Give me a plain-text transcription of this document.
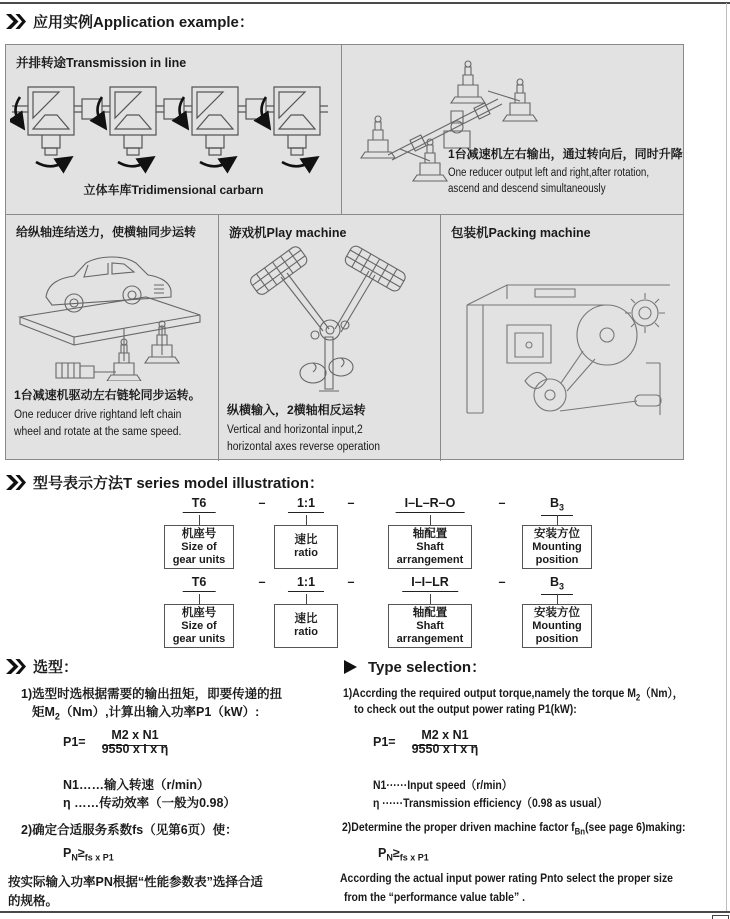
应用实例Application example：
并排转途Transmission in line
立体车库Tridimensional carbarn
1台减速机左右输出，通过转向后，同时升降
One reducer output left and right,after rotation,
ascend and descend simultaneously
给纵轴连结送力，使横轴同步运转
1台减速机驱动左右链轮同步运转。
One reducer drive rightand left chain
wheel and rotate at the same speed.
游戏机Play machine
纵横输入，2横轴相反运转
Vertical and horizontal input,2
horizontal axes reverse operation
包装机Packing machine
型号表示方法T series model illustration：
T6	–	1:1	–	I–L–R–O	–	$B_3$
机座号
Size of
gear units
速比
ratio
轴配置
Shaft
arrangement
安装方位
Mounting
position
T6	–	1:1	–	I–I–LR	–	$B_3$
机座号
Size of
gear units
速比
ratio
轴配置
Shaft
arrangement
安装方位
Mounting
position
选型：
1)选型时选根据需要的输出扭矩，即要传递的扭
矩$M_2(Nm)$,计算出输入功率P1（kW）:
P1=	M2 x N1
9550 x I x η
N1……输入转速（r/min）
η ……传动效率（一般为0.98）
2)确定合适服务系数fs（见第6页）使：
$P_N\ge_{fs x P1}$
按实际输入功率PN根据“性能参数表”选择合适
的规格。
Type selection：
1)Accrding the required output torque,namely the torque $M_2(Nm)$，
to check out the output power rating P1(kW):
P1=	M2 x N1
9550 x I x η
N1······Input speed（r/min）
η ······Transmission efficiency（0.98 as usual）
2)Determine the proper driven machine factor $f_{Bn}(see$ page 6)making:
$P_N\ge_{fs x P1}$
According the actual input power rating Pnto select the proper size
from the “performance value table” .
